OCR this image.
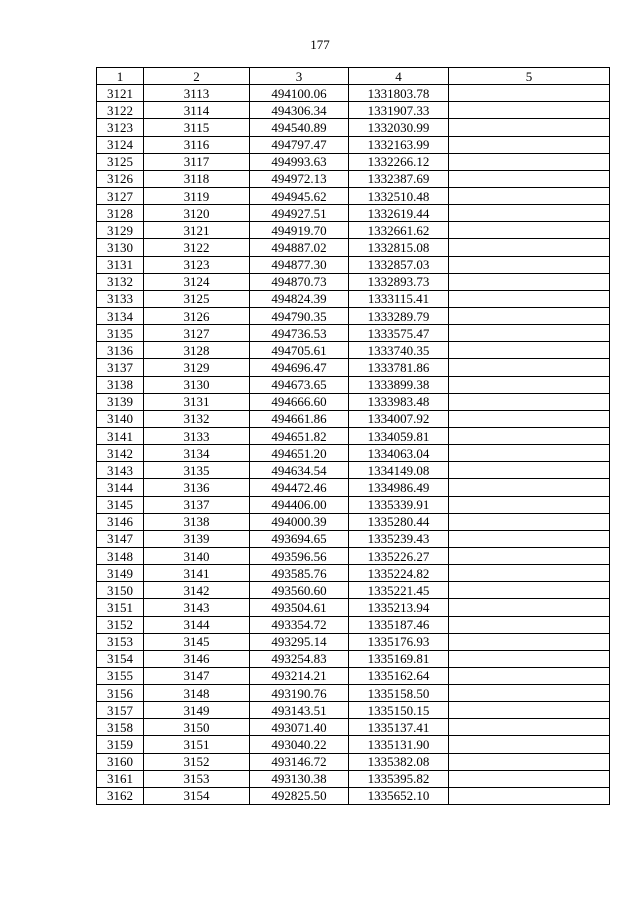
177
1	2	3	4	5
3121	3113	494100.06	1331803.78	
3122	3114	494306.34	1331907.33	
3123	3115	494540.89	1332030.99	
3124	3116	494797.47	1332163.99	
3125	3117	494993.63	1332266.12	
3126	3118	494972.13	1332387.69	
3127	3119	494945.62	1332510.48	
3128	3120	494927.51	1332619.44	
3129	3121	494919.70	1332661.62	
3130	3122	494887.02	1332815.08	
3131	3123	494877.30	1332857.03	
3132	3124	494870.73	1332893.73	
3133	3125	494824.39	1333115.41	
3134	3126	494790.35	1333289.79	
3135	3127	494736.53	1333575.47	
3136	3128	494705.61	1333740.35	
3137	3129	494696.47	1333781.86	
3138	3130	494673.65	1333899.38	
3139	3131	494666.60	1333983.48	
3140	3132	494661.86	1334007.92	
3141	3133	494651.82	1334059.81	
3142	3134	494651.20	1334063.04	
3143	3135	494634.54	1334149.08	
3144	3136	494472.46	1334986.49	
3145	3137	494406.00	1335339.91	
3146	3138	494000.39	1335280.44	
3147	3139	493694.65	1335239.43	
3148	3140	493596.56	1335226.27	
3149	3141	493585.76	1335224.82	
3150	3142	493560.60	1335221.45	
3151	3143	493504.61	1335213.94	
3152	3144	493354.72	1335187.46	
3153	3145	493295.14	1335176.93	
3154	3146	493254.83	1335169.81	
3155	3147	493214.21	1335162.64	
3156	3148	493190.76	1335158.50	
3157	3149	493143.51	1335150.15	
3158	3150	493071.40	1335137.41	
3159	3151	493040.22	1335131.90	
3160	3152	493146.72	1335382.08	
3161	3153	493130.38	1335395.82	
3162	3154	492825.50	1335652.10	
